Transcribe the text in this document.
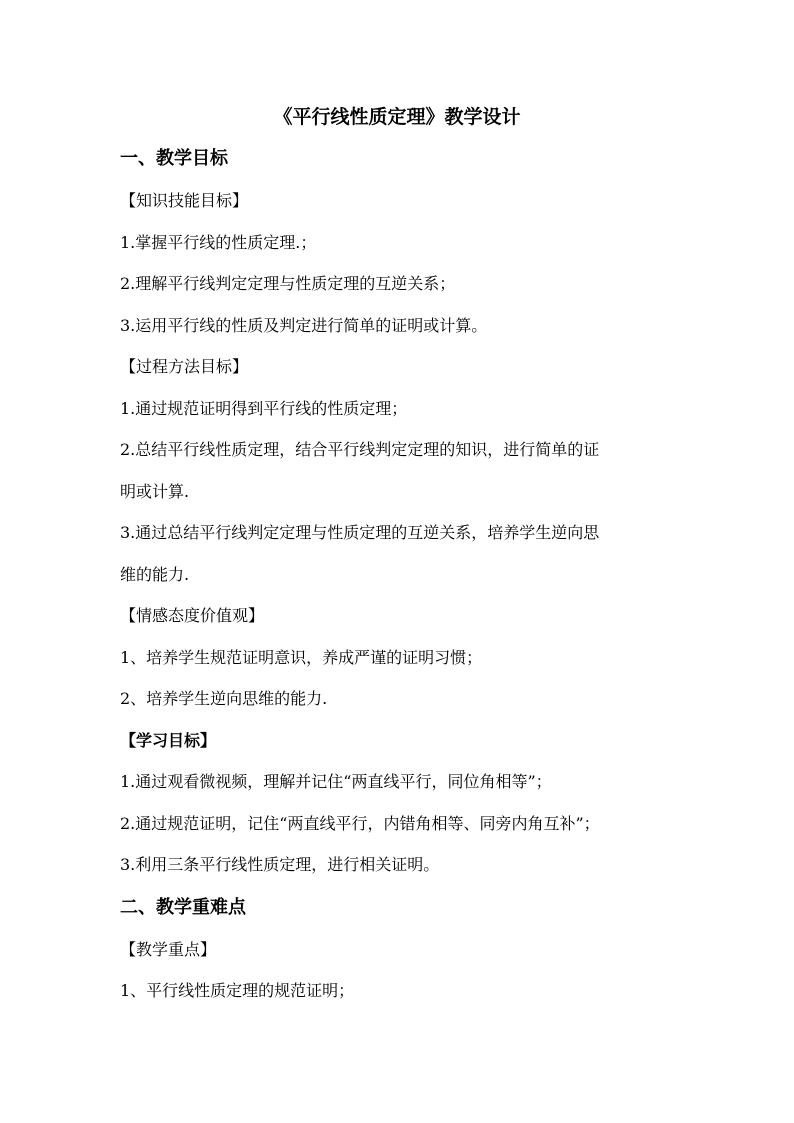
《平行线性质定理》教学设计
一、教学目标
【知识技能目标】
1.掌握平行线的性质定理.；
2.理解平行线判定定理与性质定理的互逆关系；
3.运用平行线的性质及判定进行简单的证明或计算。
【过程方法目标】
1.通过规范证明得到平行线的性质定理；
2.总结平行线性质定理，结合平行线判定定理的知识，进行简单的证
明或计算.
3.通过总结平行线判定定理与性质定理的互逆关系，培养学生逆向思
维的能力.
【情感态度价值观】
1、培养学生规范证明意识，养成严谨的证明习惯；
2、培养学生逆向思维的能力.
【学习目标】
1.通过观看微视频，理解并记住“两直线平行，同位角相等”；
2.通过规范证明，记住“两直线平行，内错角相等、同旁内角互补”；
3.利用三条平行线性质定理，进行相关证明。
二、教学重难点
【教学重点】
1、平行线性质定理的规范证明；
